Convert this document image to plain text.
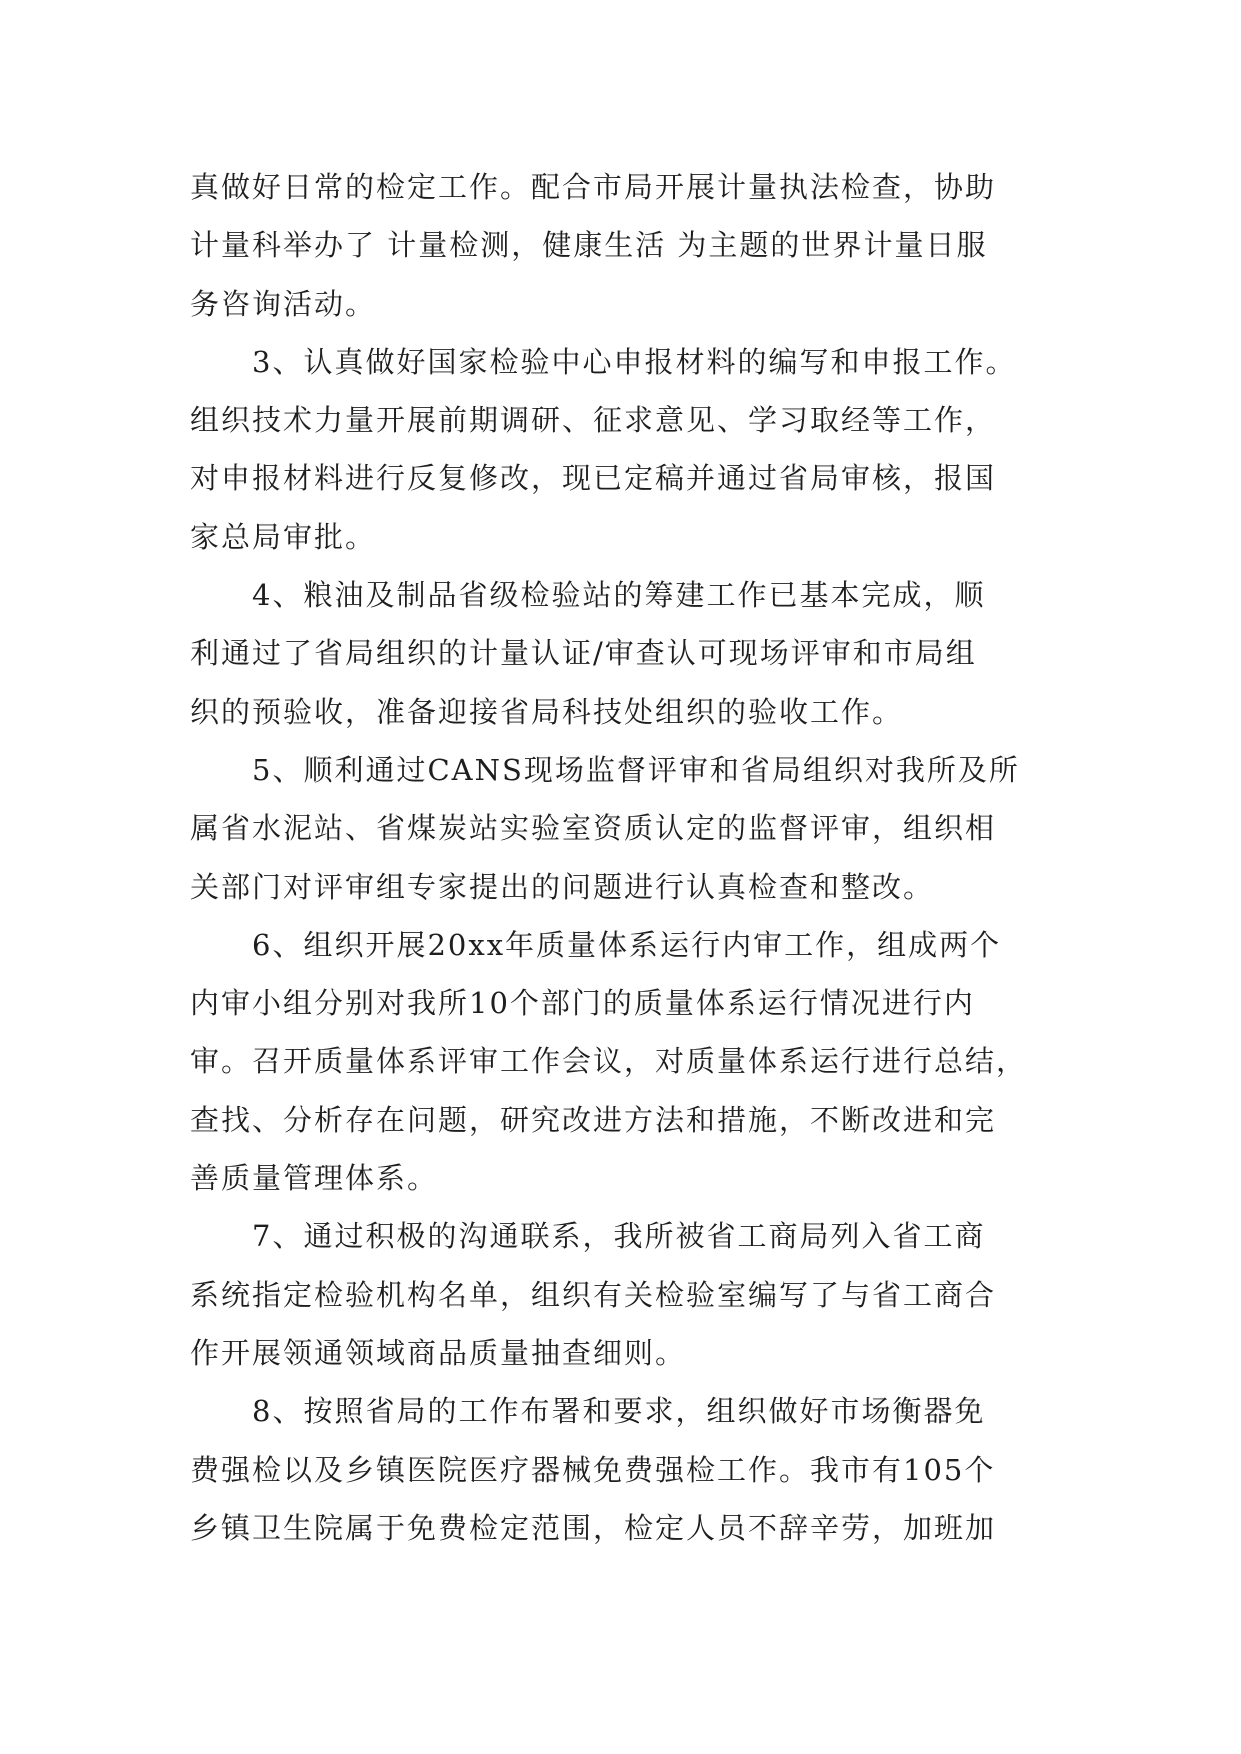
真做好日常的检定工作。配合市局开展计量执法检查，协助
计量科举办了 计量检测，健康生活 为主题的世界计量日服
务咨询活动。
3、认真做好国家检验中心申报材料的编写和申报工作。
组织技术力量开展前期调研、征求意见、学习取经等工作，
对申报材料进行反复修改，现已定稿并通过省局审核，报国
家总局审批。
4、粮油及制品省级检验站的筹建工作已基本完成，顺
利通过了省局组织的计量认证/审查认可现场评审和市局组
织的预验收，准备迎接省局科技处组织的验收工作。
5、顺利通过CANS现场监督评审和省局组织对我所及所
属省水泥站、省煤炭站实验室资质认定的监督评审，组织相
关部门对评审组专家提出的问题进行认真检查和整改。
6、组织开展20xx年质量体系运行内审工作，组成两个
内审小组分别对我所10个部门的质量体系运行情况进行内
审。召开质量体系评审工作会议，对质量体系运行进行总结，
查找、分析存在问题，研究改进方法和措施，不断改进和完
善质量管理体系。
7、通过积极的沟通联系，我所被省工商局列入省工商
系统指定检验机构名单，组织有关检验室编写了与省工商合
作开展领通领域商品质量抽查细则。
8、按照省局的工作布署和要求，组织做好市场衡器免
费强检以及乡镇医院医疗器械免费强检工作。我市有105个
乡镇卫生院属于免费检定范围，检定人员不辞辛劳，加班加
